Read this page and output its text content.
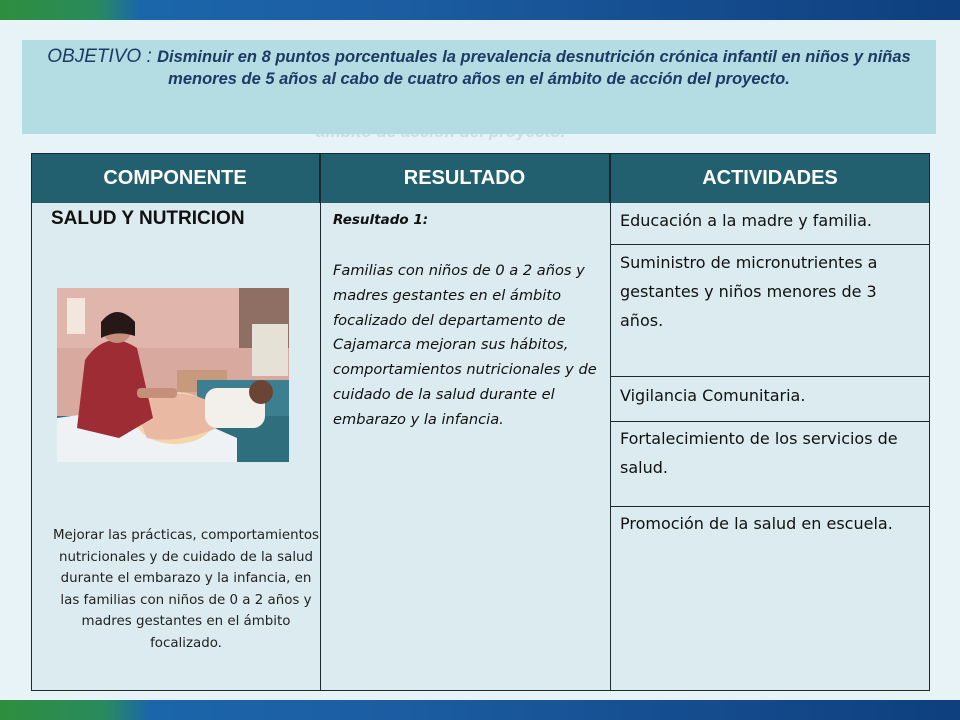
OBJETIVO : Disminuir en 8 puntos porcentuales la prevalencia desnutrición crónica infantil en niños y niñas menores de 5 años al cabo de cuatro años en el ámbito de acción del proyecto.
COMPONENTE	RESULTADO	ACTIVIDADES
SALUD Y NUTRICION
Mejorar las prácticas, comportamientos nutricionales y de cuidado de la salud durante el embarazo y la infancia, en las familias con niños de 0 a 2 años y madres gestantes en el ámbito focalizado.
Resultado 1:
Familias con niños de 0 a 2 años y madres gestantes en el ámbito focalizado del departamento de Cajamarca mejoran sus hábitos, comportamientos nutricionales y de cuidado de la salud durante el embarazo y la infancia.
Educación a la madre y familia.
Suministro de micronutrientes a gestantes y niños menores de 3 años.
Vigilancia Comunitaria.
Fortalecimiento de los servicios de salud.
Promoción de la salud en escuela.
